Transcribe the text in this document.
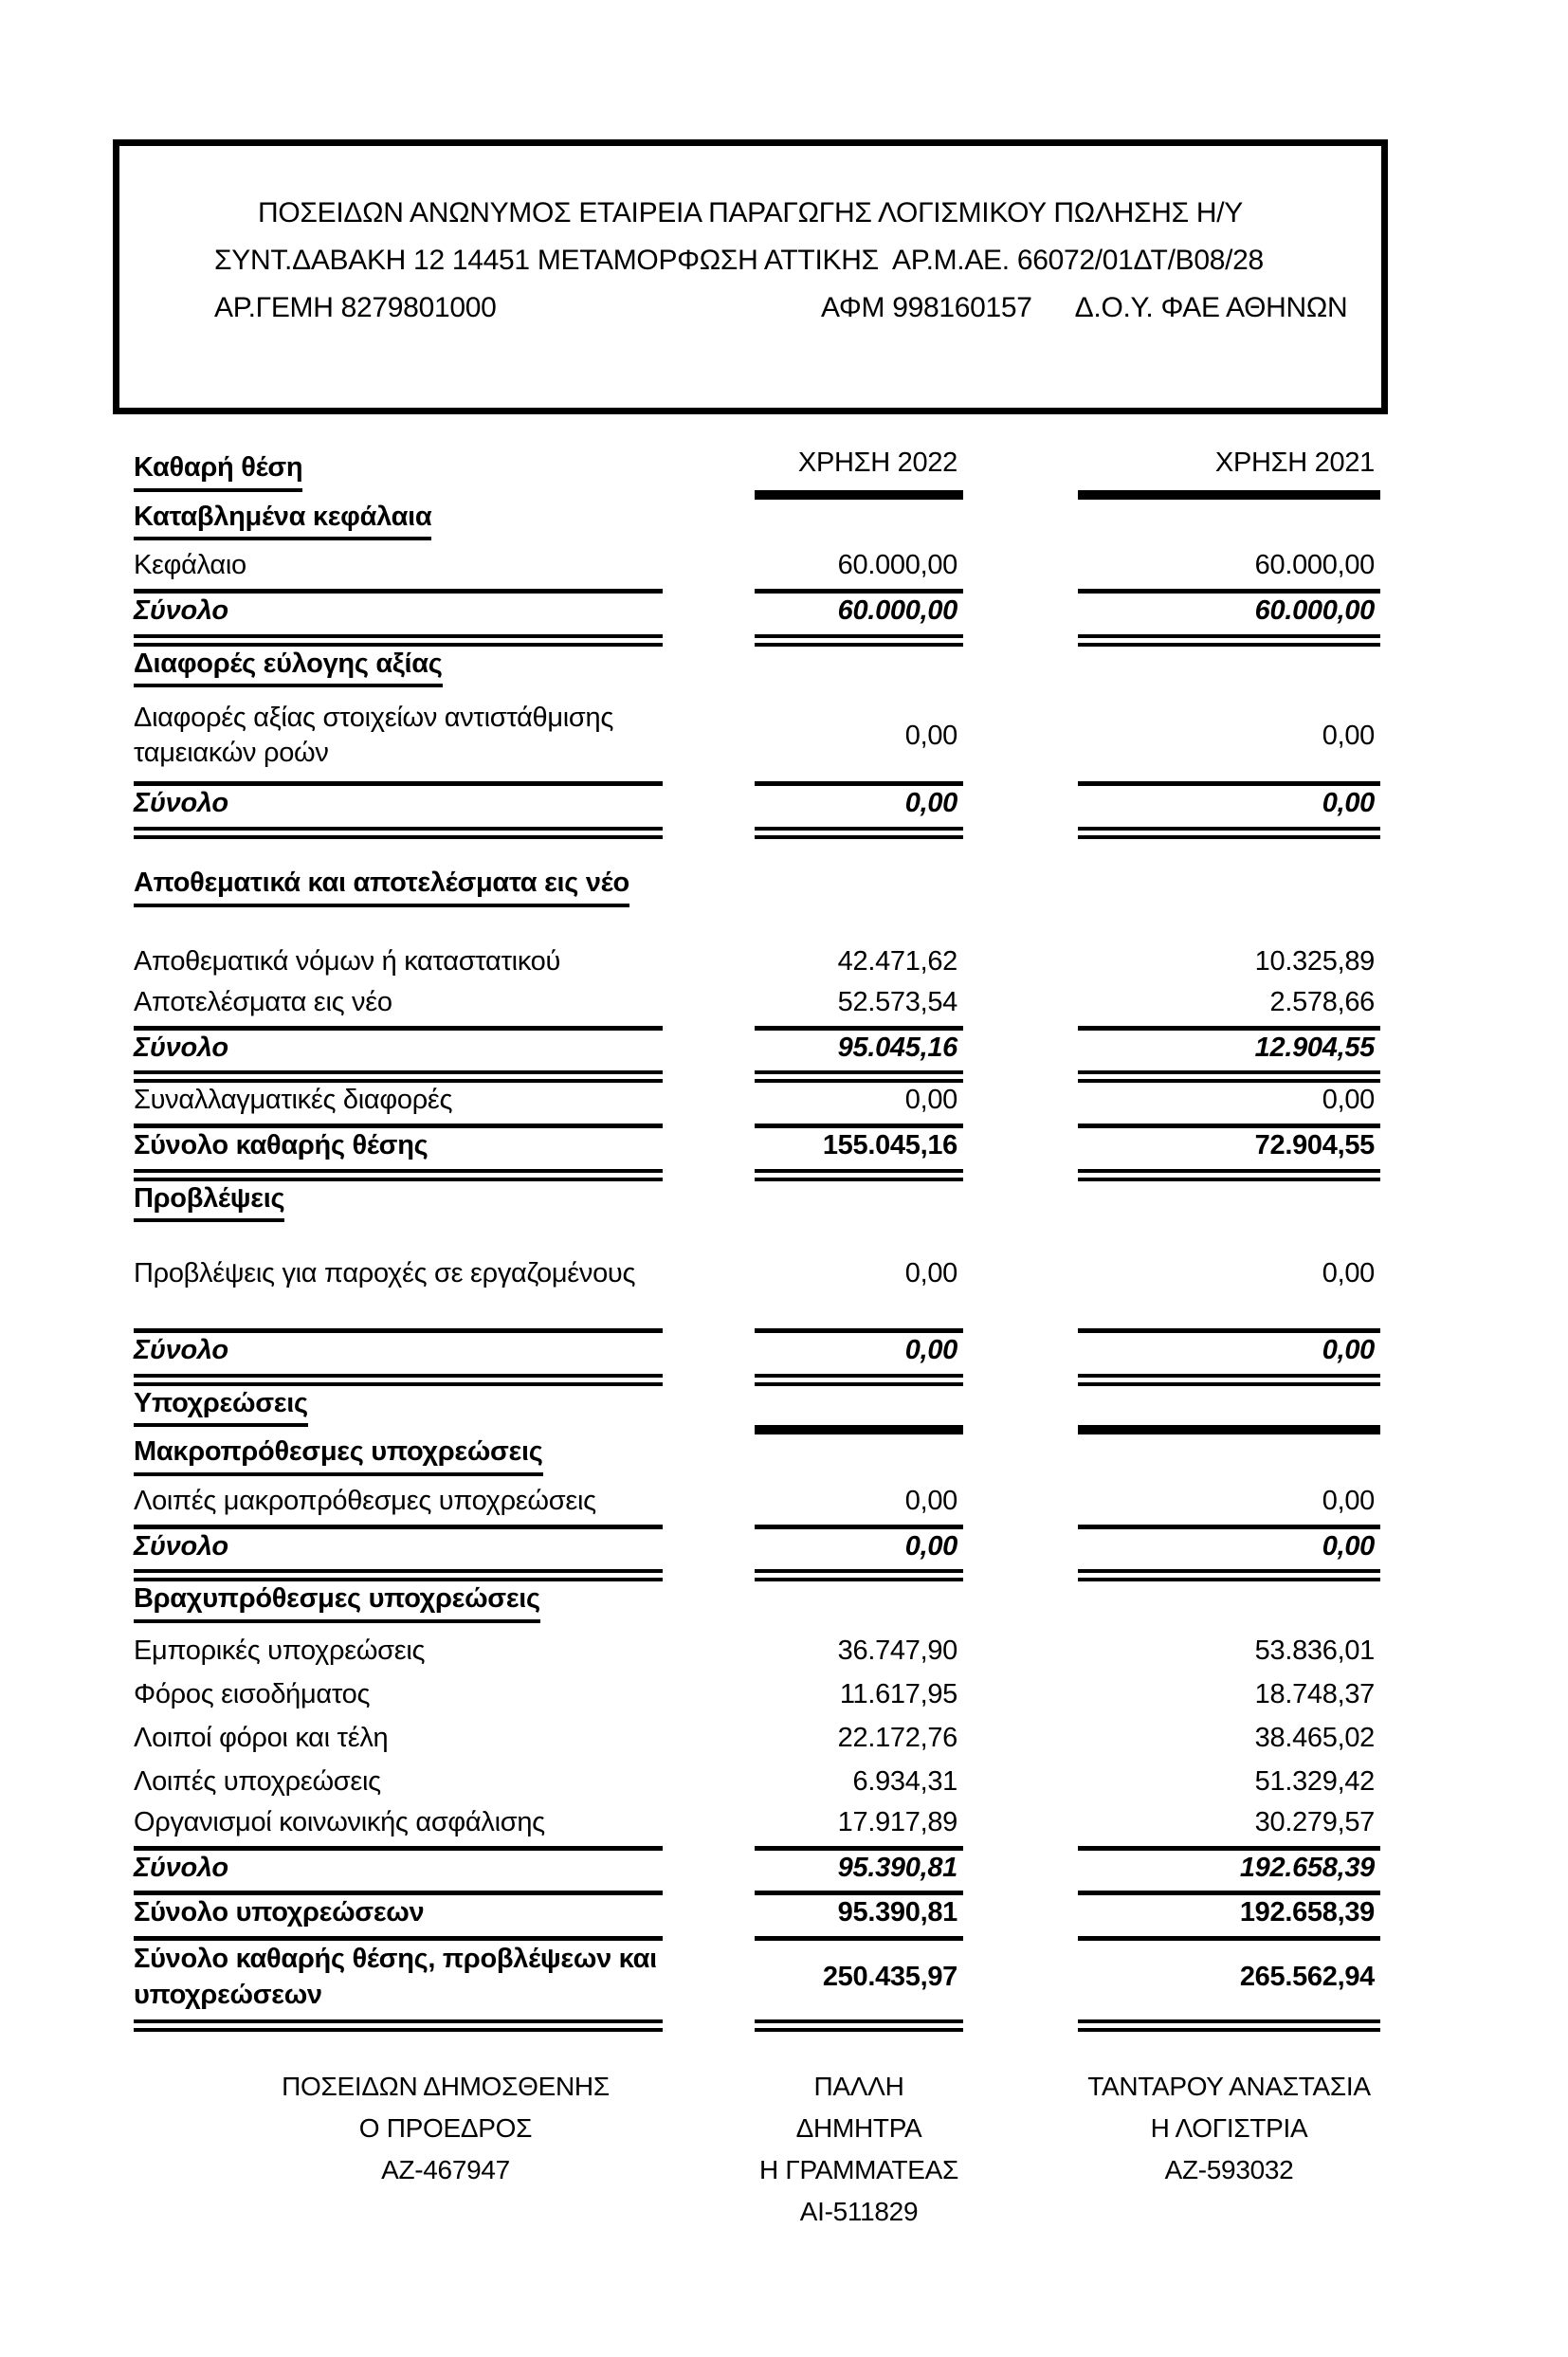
ΠΟΣΕΙΔΩΝ ΑΝΩΝΥΜΟΣ ΕΤΑΙΡΕΙΑ ΠΑΡΑΓΩΓΗΣ ΛΟΓΙΣΜΙΚΟΥ ΠΩΛΗΣΗΣ Η/Υ
ΣΥΝΤ.ΔΑΒΑΚΗ 12 14451 ΜΕΤΑΜΟΡΦΩΣΗ ΑΤΤΙΚΗΣ ΑΡ.Μ.ΑΕ. 66072/01ΔΤ/Β08/28
ΑΡ.ΓΕΜΗ 8279801000	ΑΦΜ 998160157 Δ.Ο.Υ. ΦΑΕ ΑΘΗΝΩΝ
Καθαρή θέση	ΧΡΗΣΗ 2022	ΧΡΗΣΗ 2021
Καταβλημένα κεφάλαια
Κεφάλαιο	60.000,00	60.000,00
Σύνολο	60.000,00	60.000,00
Διαφορές εύλογης αξίας
Διαφορές αξίας στοιχείων αντιστάθμισης ταμειακών ροών
0,00	0,00
Σύνολο	0,00	0,00
Αποθεματικά και αποτελέσματα εις νέο
Αποθεματικά νόμων ή καταστατικού	42.471,62	10.325,89
Αποτελέσματα εις νέο	52.573,54	2.578,66
Σύνολο	95.045,16	12.904,55
Συναλλαγματικές διαφορές	0,00	0,00
Σύνολο καθαρής θέσης	155.045,16	72.904,55
Προβλέψεις
Προβλέψεις για παροχές σε εργαζομένους	0,00	0,00
Σύνολο	0,00	0,00
Υποχρεώσεις
Μακροπρόθεσμες υποχρεώσεις
Λοιπές μακροπρόθεσμες υποχρεώσεις	0,00	0,00
Σύνολο	0,00	0,00
Βραχυπρόθεσμες υποχρεώσεις
Εμπορικές υποχρεώσεις	36.747,90	53.836,01
Φόρος εισοδήματος	11.617,95	18.748,37
Λοιποί φόροι και τέλη	22.172,76	38.465,02
Λοιπές υποχρεώσεις	6.934,31	51.329,42
Οργανισμοί κοινωνικής ασφάλισης	17.917,89	30.279,57
Σύνολο	95.390,81	192.658,39
Σύνολο υποχρεώσεων	95.390,81	192.658,39
Σύνολο καθαρής θέσης, προβλέψεων και υποχρεώσεων
250.435,97	265.562,94
ΠΟΣΕΙΔΩΝ ΔΗΜΟΣΘΕΝΗΣ
Ο ΠΡΟΕΔΡΟΣ
ΑΖ-467947
ΠΑΛΛΗ
ΔΗΜΗΤΡΑ
Η ΓΡΑΜΜΑΤΕΑΣ
ΑΙ-511829
ΤΑΝΤΑΡΟΥ ΑΝΑΣΤΑΣΙΑ
Η ΛΟΓΙΣΤΡΙΑ
ΑΖ-593032
